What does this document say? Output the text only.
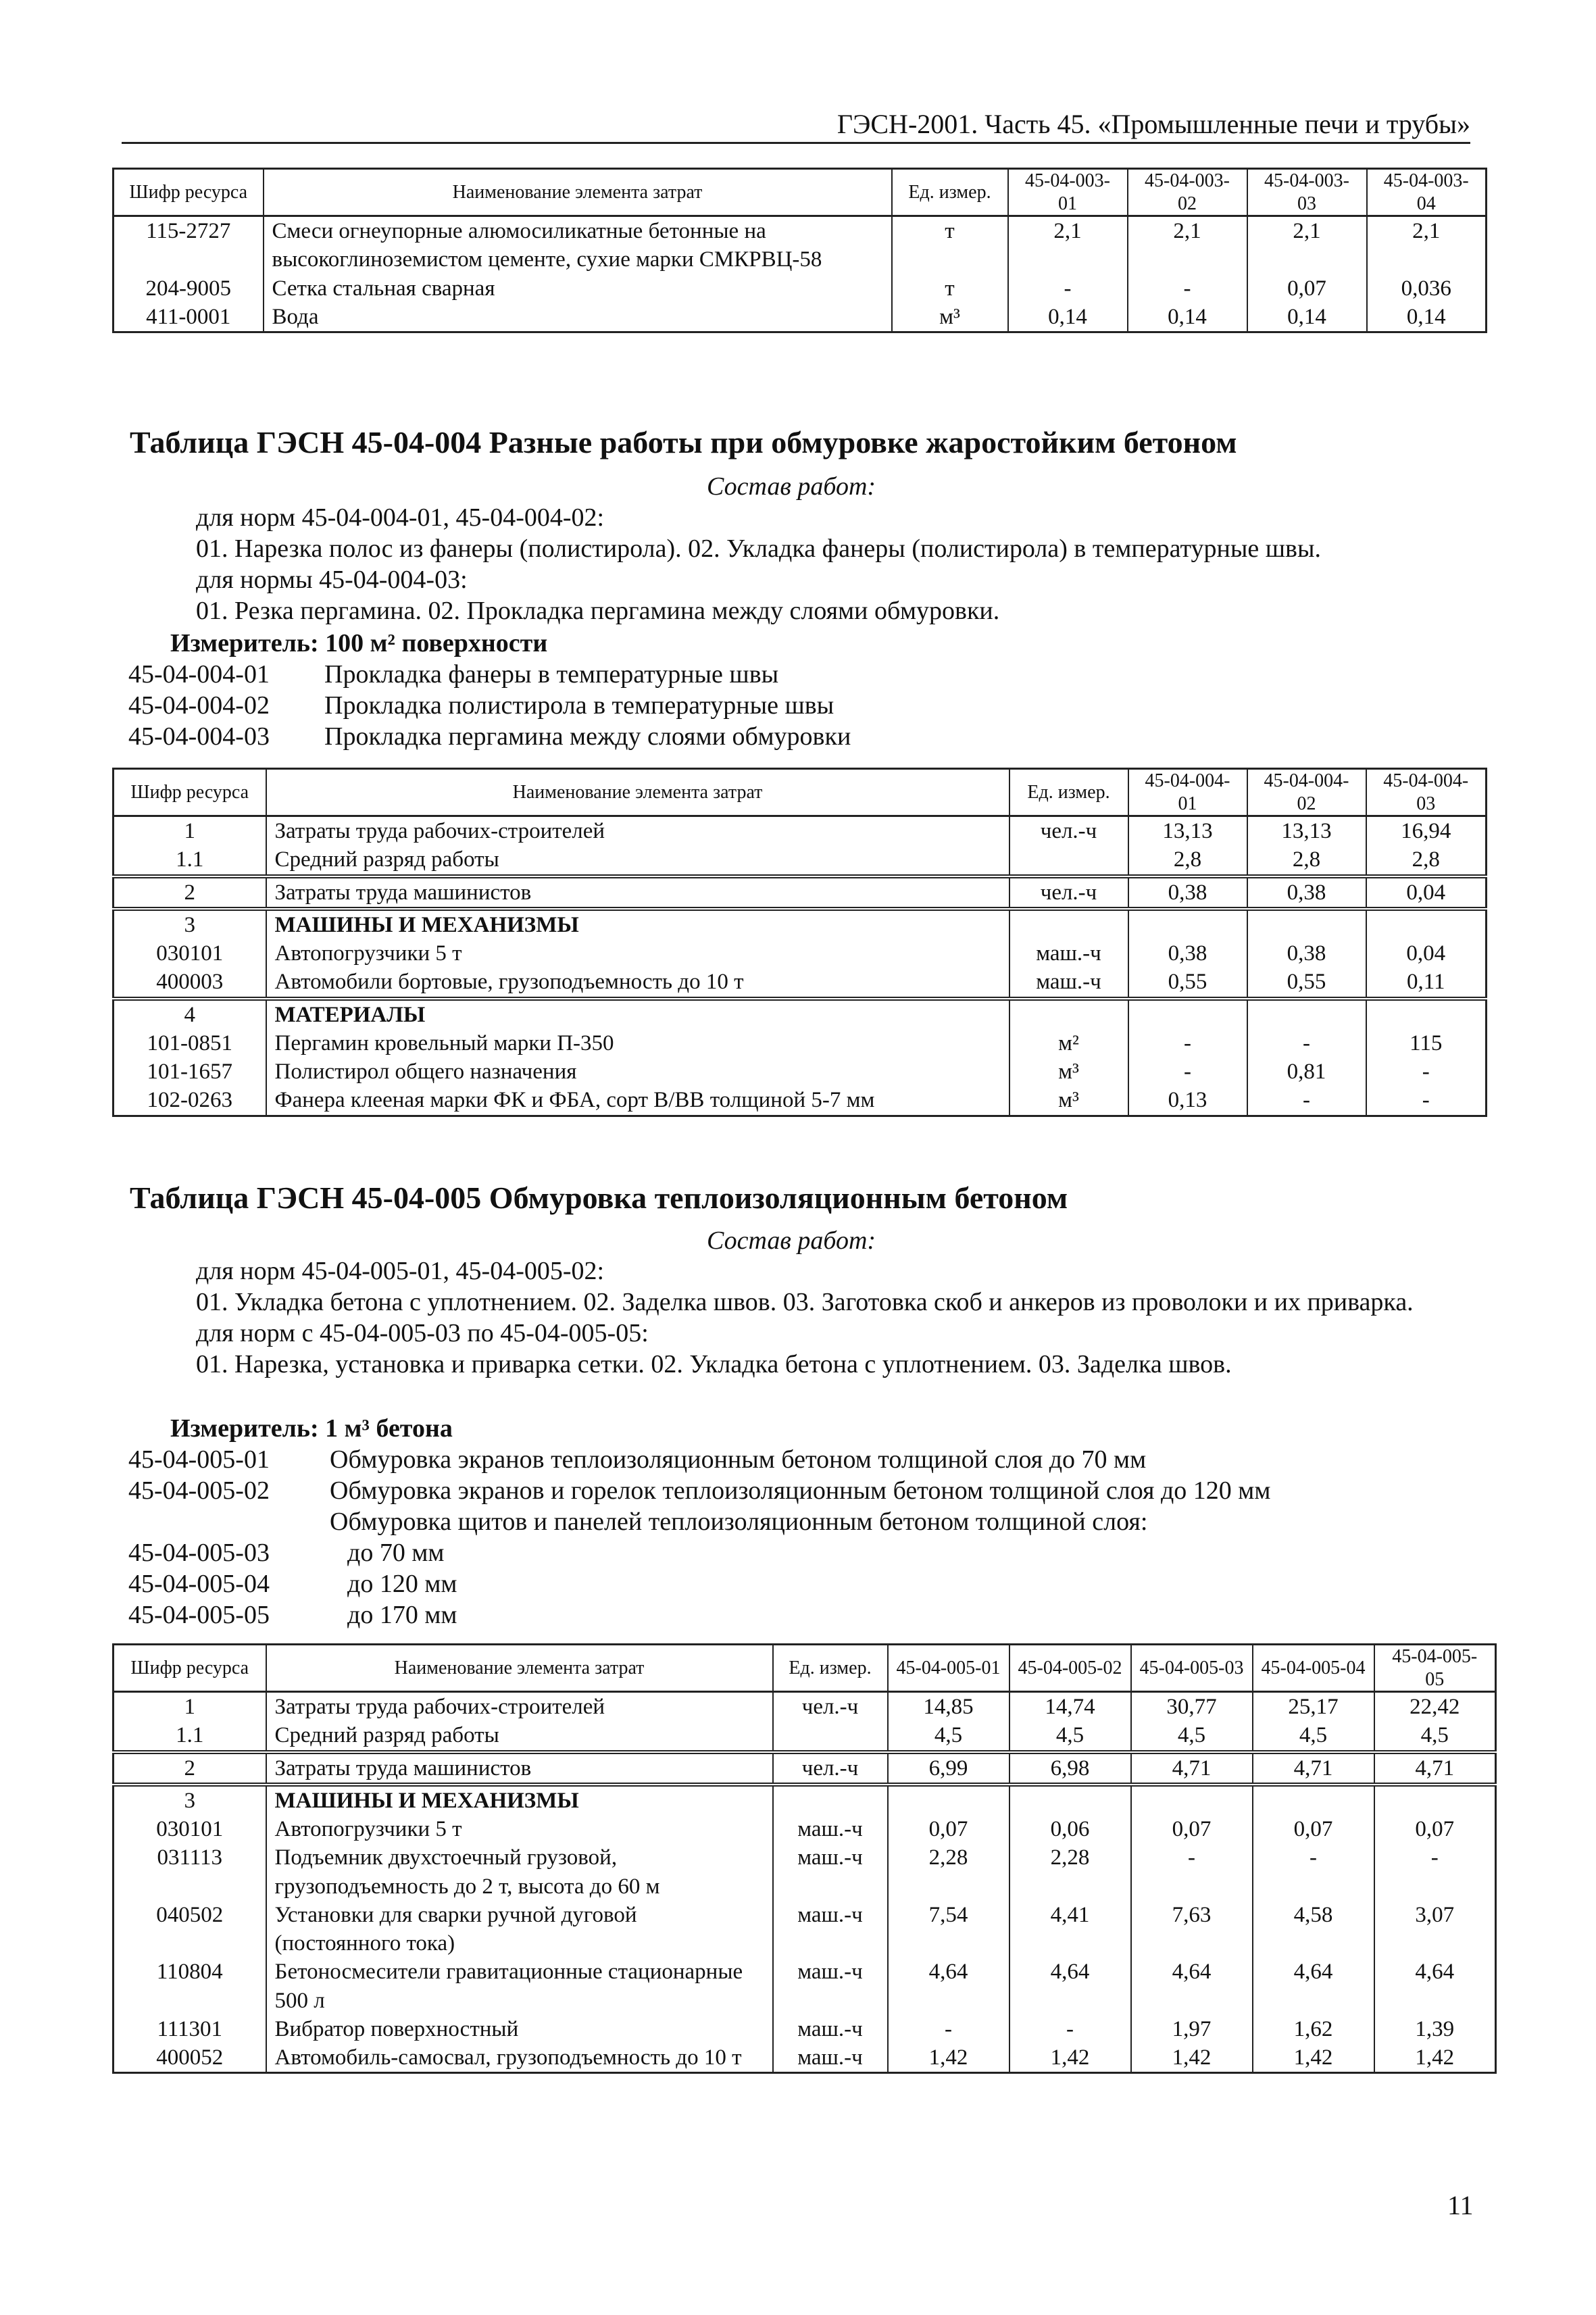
ГЭСН-2001. Часть 45. «Промышленные печи и трубы»
Шифр ресурса	Наименование элемента затрат	Ед. измер.	45-04-003-01	45-04-003-02	45-04-003-03	45-04-003-04
115-2727	Смеси огнеупорные алюмосиликатные бетонные на высокоглиноземистом цементе, сухие марки СМКРВЦ-58	т	2,1	2,1	2,1	2,1
204-9005	Сетка стальная сварная	т	-	-	0,07	0,036
411-0001	Вода	м³	0,14	0,14	0,14	0,14
Таблица ГЭСН 45-04-004 Разные работы при обмуровке жаростойким бетоном
Состав работ:
для норм 45-04-004-01, 45-04-004-02:
01. Нарезка полос из фанеры (полистирола). 02. Укладка фанеры (полистирола) в температурные швы.
для нормы 45-04-004-03:
01. Резка пергамина. 02. Прокладка пергамина между слоями обмуровки.
Измеритель: 100 м² поверхности
45-04-004-01 Прокладка фанеры в температурные швы
45-04-004-02 Прокладка полистирола в температурные швы
45-04-004-03 Прокладка пергамина между слоями обмуровки
Шифр ресурса	Наименование элемента затрат	Ед. измер.	45-04-004-01	45-04-004-02	45-04-004-03
1	Затраты труда рабочих-строителей	чел.-ч	13,13	13,13	16,94
1.1	Средний разряд работы		2,8	2,8	2,8
2	Затраты труда машинистов	чел.-ч	0,38	0,38	0,04
3	МАШИНЫ И МЕХАНИЗМЫ				
030101	Автопогрузчики 5 т	маш.-ч	0,38	0,38	0,04
400003	Автомобили бортовые, грузоподъемность до 10 т	маш.-ч	0,55	0,55	0,11
4	МАТЕРИАЛЫ				
101-0851	Пергамин кровельный марки П-350	м²	-	-	115
101-1657	Полистирол общего назначения	м³	-	0,81	-
102-0263	Фанера клееная марки ФК и ФБА, сорт В/ВВ толщиной 5-7 мм	м³	0,13	-	-
Таблица ГЭСН 45-04-005 Обмуровка теплоизоляционным бетоном
Состав работ:
для норм 45-04-005-01, 45-04-005-02:
01. Укладка бетона с уплотнением. 02. Заделка швов. 03. Заготовка скоб и анкеров из проволоки и их приварка.
для норм с 45-04-005-03 по 45-04-005-05:
01. Нарезка, установка и приварка сетки. 02. Укладка бетона с уплотнением. 03. Заделка швов.
Измеритель: 1 м³ бетона
45-04-005-01 Обмуровка экранов теплоизоляционным бетоном толщиной слоя до 70 мм
45-04-005-02 Обмуровка экранов и горелок теплоизоляционным бетоном толщиной слоя до 120 мм
Обмуровка щитов и панелей теплоизоляционным бетоном толщиной слоя:
45-04-005-03	до 70 мм
45-04-005-04	до 120 мм
45-04-005-05	до 170 мм
Шифр ресурса	Наименование элемента затрат	Ед. измер.	45-04-005-01	45-04-005-02	45-04-005-03	45-04-005-04	45-04-005-05
1	Затраты труда рабочих-строителей	чел.-ч	14,85	14,74	30,77	25,17	22,42
1.1	Средний разряд работы		4,5	4,5	4,5	4,5	4,5
2	Затраты труда машинистов	чел.-ч	6,99	6,98	4,71	4,71	4,71
3	МАШИНЫ И МЕХАНИЗМЫ						
030101	Автопогрузчики 5 т	маш.-ч	0,07	0,06	0,07	0,07	0,07
031113	Подъемник двухстоечный грузовой, грузоподъемность до 2 т, высота до 60 м	маш.-ч	2,28	2,28	-	-	-
040502	Установки для сварки ручной дуговой (постоянного тока)	маш.-ч	7,54	4,41	7,63	4,58	3,07
110804	Бетоносмесители гравитационные стационарные 500 л	маш.-ч	4,64	4,64	4,64	4,64	4,64
111301	Вибратор поверхностный	маш.-ч	-	-	1,97	1,62	1,39
400052	Автомобиль-самосвал, грузоподъемность до 10 т	маш.-ч	1,42	1,42	1,42	1,42	1,42
11
